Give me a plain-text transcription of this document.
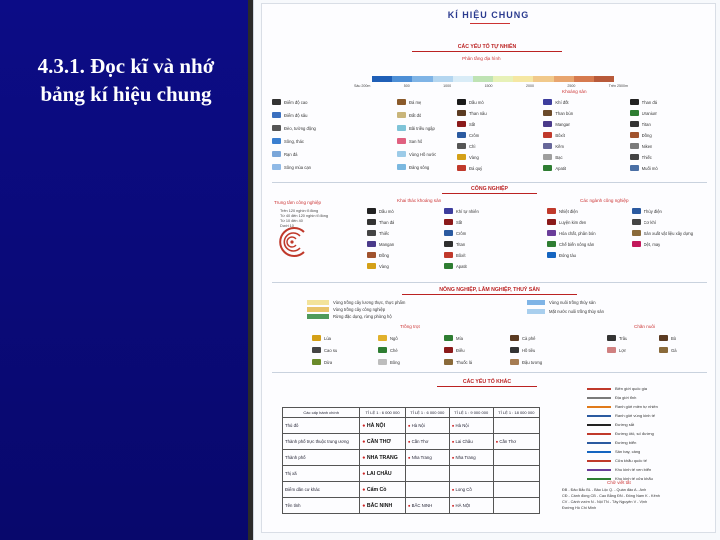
4.3.1. Đọc kĩ và nhớ
bảng kí hiệu chung
KÍ HIỆU CHUNG
CÁC YẾU TỐ TỰ NHIÊN
Phân tầng địa hình
Sâu 200m	500	1000	1500	2000	2500	Trên 2500m
Khoáng sản
Điểm độ cao
Điểm độ sâu
Đèo, tường động
Sông, thác
Rạn đá
Sông mùa cạn
Đá mẹ
Đất đỏ
Bãi triều ngập
San hô
Vùng Hồ nước
Đảng sông
Dầu mỏ	Khí đốt	Than đá
Than nâu	Than bùn	Uranium
Sắt	Mangan	Titan
Crôm	Bôxít	Đồng
Chì	Kẽm	Niken
Vàng	Bạc	Thiếc
Đá quý	Apatit	Muối mỏ
CÔNG NGHIỆP
Trung tâm công nghiệp	Khai thác khoáng sản	Các ngành công nghiệp
Trên 120 nghìn tỉ đồng
Từ 40 đến 120 nghìn tỉ đồng
Từ 10 đến 40
Dưới 10
Dầu mỏ	Khí tự nhiên
Than đá	Sắt
Thiếc	Crôm
Mangan	Titan
Đồng	Bôxít
Vàng	Apatit
Nhiệt điện	Thủy điện
Luyện kim đen	Cơ khí
Hóa chất, phân bón	Sản xuất vật liệu xây dựng
Chế biến nông sản	Dệt, may
Đóng tàu
NÔNG NGHIỆP, LÂM NGHIỆP, THUỶ SẢN
Vùng trồng cây lương thực, thực phẩm
Vùng trồng cây công nghiệp
Rừng đặc dụng, rừng phòng hộ
Vùng nuôi trồng thủy sản
Mặt nước nuôi trồng thủy sản
Trồng trọt	Chăn nuôi
Lúa	Ngô	Mía	Cà phê
Cao su	Chè	Điều	Hồ tiêu
Dừa	Bông	Thuốc lá	Đậu tương
Trâu	Bò
Lợn	Gà
CÁC YẾU TỐ KHÁC
Các cấp hành chính	TỈ LỆ 1 : 6 000 000	TỈ LỆ 1 : 6 000 000	TỈ LỆ 1 : 9 000 000	TỈ LỆ 1 : 18 000 000
Thủ đô	● HÀ NỘI	● Hà Nội	● Hà Nội	
Thành phố trực thuộc trung ương	● CẦN THƠ	● Cần Thơ	● Lai Châu	● Cần Thơ
Thành phố	● NHA TRANG	● Nha Trang	● Nha Trang	
Thị xã	● LAI CHÂU			
Điểm dân cư khác	● Cẩm Cồ		● Long Cồ	
Tên tỉnh	● BẮC NINH	● BẮC NINH	● HÀ NỘI	
Biên giới quốc gia
Địa giới tỉnh
Ranh giới miền tự nhiên
Ranh giới vùng kinh tế
Đường sắt
Đường ôtô, số đường
Đường biển
Sân bay, cảng
Cửa khẩu quốc tế
Khu kinh tế ven biển
Khu kinh tế cửa khẩu
Chữ viết tắt
ĐB - Đảo Bắc BL - Bảo Lộc Q. - Quần đảo A - Anh
CĐ - Cánh đồng CB - Cao Bằng ĐN - Đông Nam K - Kênh
CV - Cánh vườn N - Nội TN - Tây Nguyên V - Vịnh
Đường Hồ Chí Minh
